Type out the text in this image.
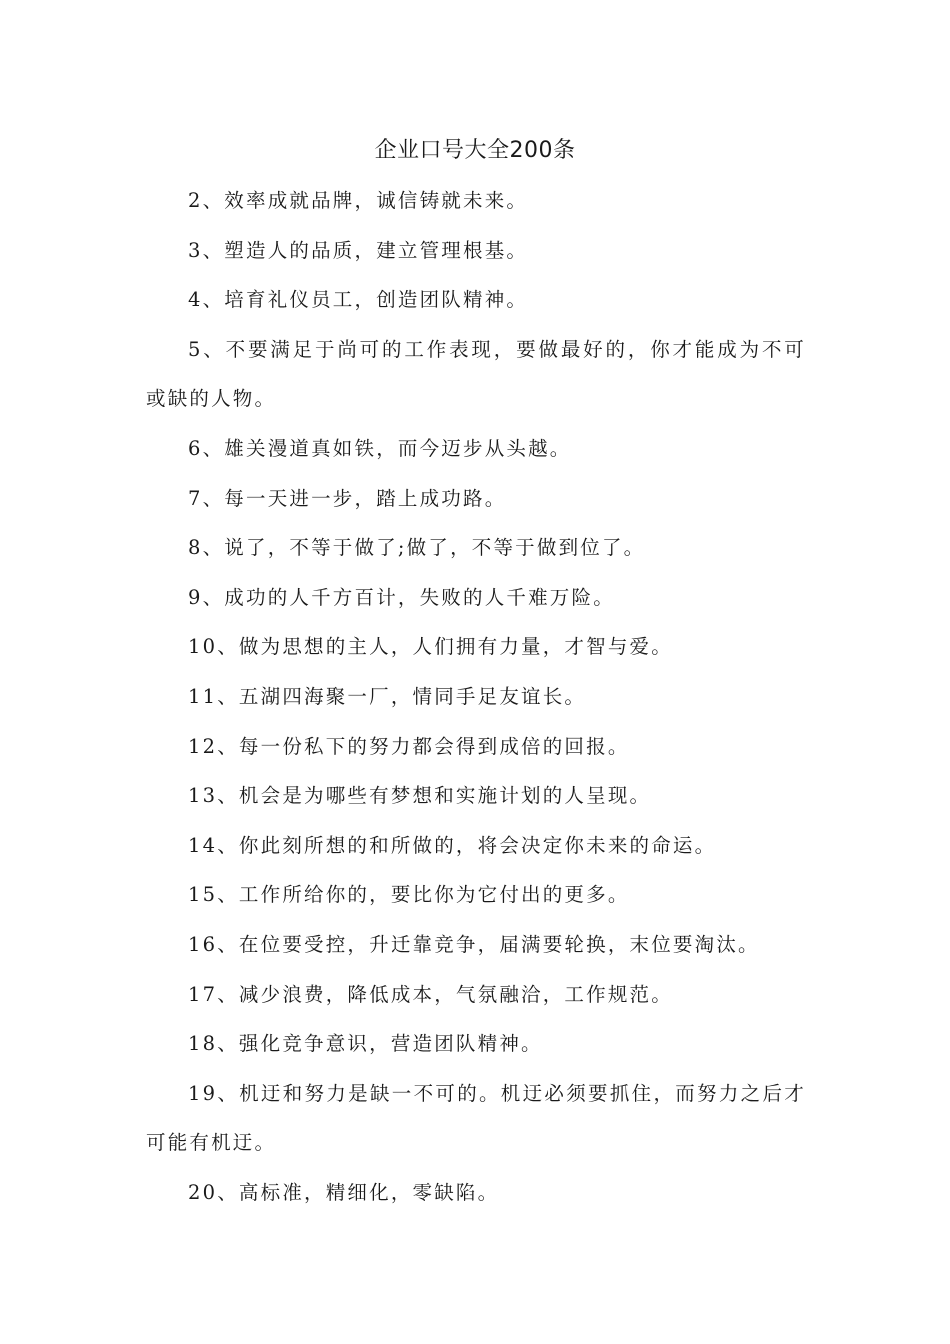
企业口号大全200条

2、效率成就品牌，诚信铸就未来。

3、塑造人的品质，建立管理根基。

4、培育礼仪员工，创造团队精神。

5、不要满足于尚可的工作表现，要做最好的，你才能成为不可或缺的人物。

6、雄关漫道真如铁，而今迈步从头越。

7、每一天进一步，踏上成功路。

8、说了，不等于做了;做了，不等于做到位了。

9、成功的人千方百计，失败的人千难万险。

10、做为思想的主人，人们拥有力量，才智与爱。

11、五湖四海聚一厂，情同手足友谊长。

12、每一份私下的努力都会得到成倍的回报。

13、机会是为哪些有梦想和实施计划的人呈现。

14、你此刻所想的和所做的，将会决定你未来的命运。

15、工作所给你的，要比你为它付出的更多。

16、在位要受控，升迁靠竞争，届满要轮换，末位要淘汰。

17、减少浪费，降低成本，气氛融洽，工作规范。

18、强化竞争意识，营造团队精神。

19、机迂和努力是缺一不可的。机迂必须要抓住，而努力之后才可能有机迂。

20、高标准，精细化，零缺陷。
